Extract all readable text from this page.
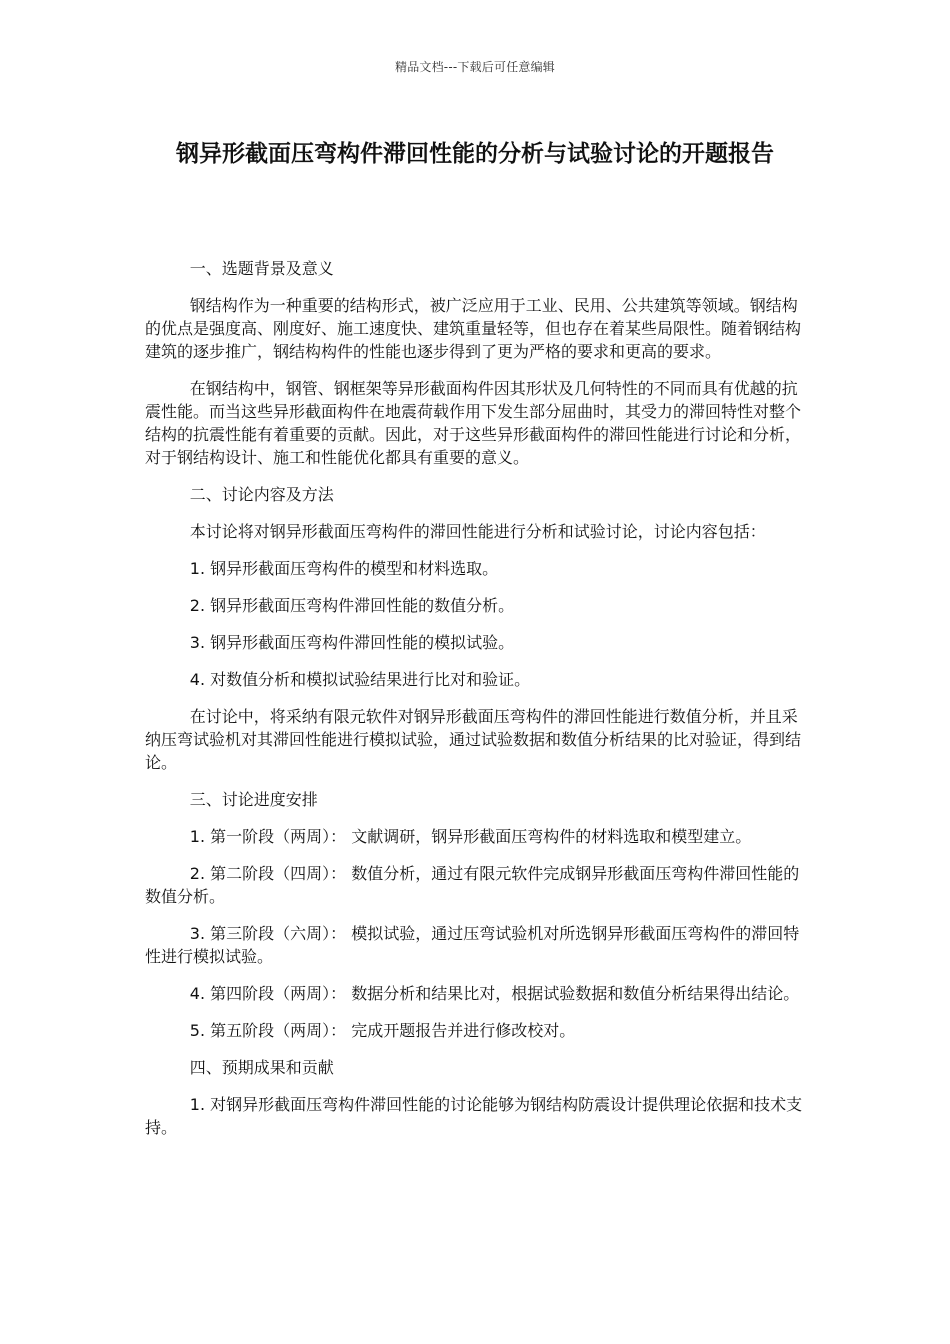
精品文档---下载后可任意编辑
钢异形截面压弯构件滞回性能的分析与试验讨论的开题报告

一、选题背景及意义

钢结构作为一种重要的结构形式，被广泛应用于工业、民用、公共建筑等领域。钢结构的优点是强度高、刚度好、施工速度快、建筑重量轻等，但也存在着某些局限性。随着钢结构建筑的逐步推广，钢结构构件的性能也逐步得到了更为严格的要求和更高的要求。

在钢结构中，钢管、钢框架等异形截面构件因其形状及几何特性的不同而具有优越的抗震性能。而当这些异形截面构件在地震荷载作用下发生部分屈曲时，其受力的滞回特性对整个结构的抗震性能有着重要的贡献。因此，对于这些异形截面构件的滞回性能进行讨论和分析，对于钢结构设计、施工和性能优化都具有重要的意义。

二、讨论内容及方法

本讨论将对钢异形截面压弯构件的滞回性能进行分析和试验讨论，讨论内容包括：

1. 钢异形截面压弯构件的模型和材料选取。

2. 钢异形截面压弯构件滞回性能的数值分析。

3. 钢异形截面压弯构件滞回性能的模拟试验。

4. 对数值分析和模拟试验结果进行比对和验证。

在讨论中，将采纳有限元软件对钢异形截面压弯构件的滞回性能进行数值分析，并且采纳压弯试验机对其滞回性能进行模拟试验，通过试验数据和数值分析结果的比对验证，得到结论。

三、讨论进度安排

1. 第一阶段（两周）： 文献调研，钢异形截面压弯构件的材料选取和模型建立。

2. 第二阶段（四周）： 数值分析，通过有限元软件完成钢异形截面压弯构件滞回性能的数值分析。

3. 第三阶段（六周）： 模拟试验，通过压弯试验机对所选钢异形截面压弯构件的滞回特性进行模拟试验。

4. 第四阶段（两周）： 数据分析和结果比对，根据试验数据和数值分析结果得出结论。

5. 第五阶段（两周）： 完成开题报告并进行修改校对。

四、预期成果和贡献

1. 对钢异形截面压弯构件滞回性能的讨论能够为钢结构防震设计提供理论依据和技术支持。
